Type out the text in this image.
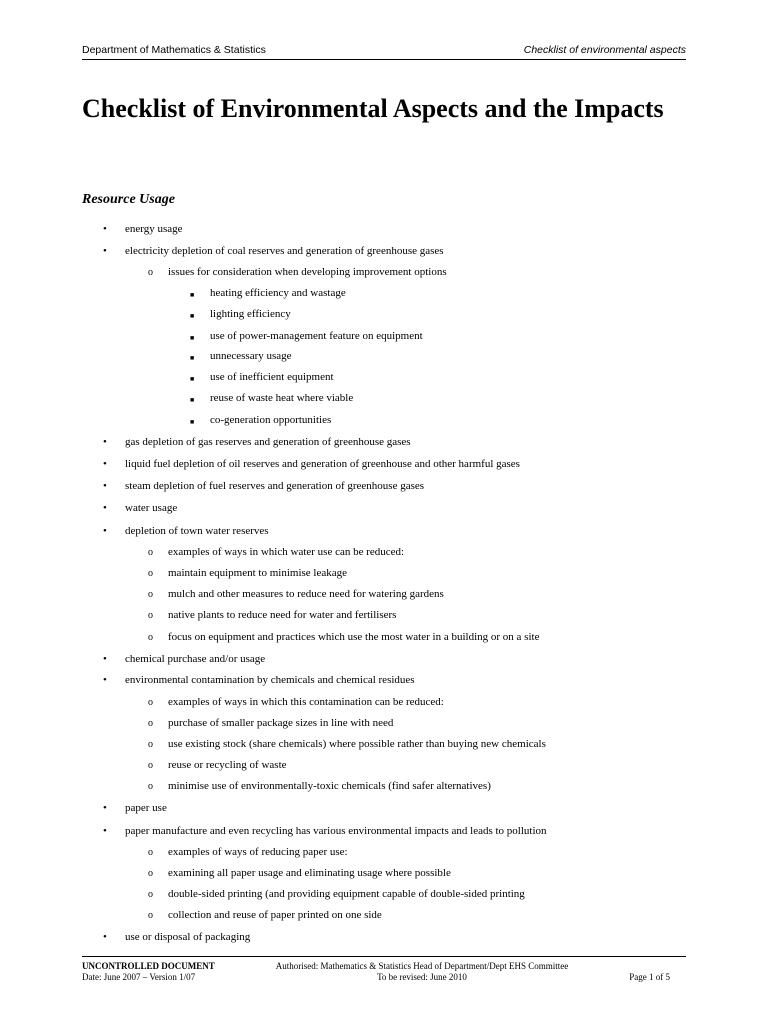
Department of Mathematics & Statistics	Checklist of environmental aspects
Checklist of Environmental Aspects and the Impacts
Resource Usage
• energy usage
• electricity depletion of coal reserves and generation of greenhouse gases
o issues for consideration when developing improvement options
■ heating efficiency and wastage
■ lighting efficiency
■ use of power-management feature on equipment
■ unnecessary usage
■ use of inefficient equipment
■ reuse of waste heat where viable
■ co-generation opportunities
• gas depletion of gas reserves and generation of greenhouse gases
• liquid fuel depletion of oil reserves and generation of greenhouse and other harmful gases
• steam depletion of fuel reserves and generation of greenhouse gases
• water usage
• depletion of town water reserves
o examples of ways in which water use can be reduced:
o maintain equipment to minimise leakage
o mulch and other measures to reduce need for watering gardens
o native plants to reduce need for water and fertilisers
o focus on equipment and practices which use the most water in a building or on a site
• chemical purchase and/or usage
• environmental contamination by chemicals and chemical residues
o examples of ways in which this contamination can be reduced:
o purchase of smaller package sizes in line with need
o use existing stock (share chemicals) where possible rather than buying new chemicals
o reuse or recycling of waste
o minimise use of environmentally-toxic chemicals (find safer alternatives)
• paper use
• paper manufacture and even recycling has various environmental impacts and leads to pollution
o examples of ways of reducing paper use:
o examining all paper usage and eliminating usage where possible
o double-sided printing (and providing equipment capable of double-sided printing
o collection and reuse of paper printed on one side
• use or disposal of packaging
UNCONTROLLED DOCUMENT
Date: June 2007 – Version 1/07
Authorised: Mathematics & Statistics Head of Department/Dept EHS Committee
To be revised: June 2010	Page 1 of 5
